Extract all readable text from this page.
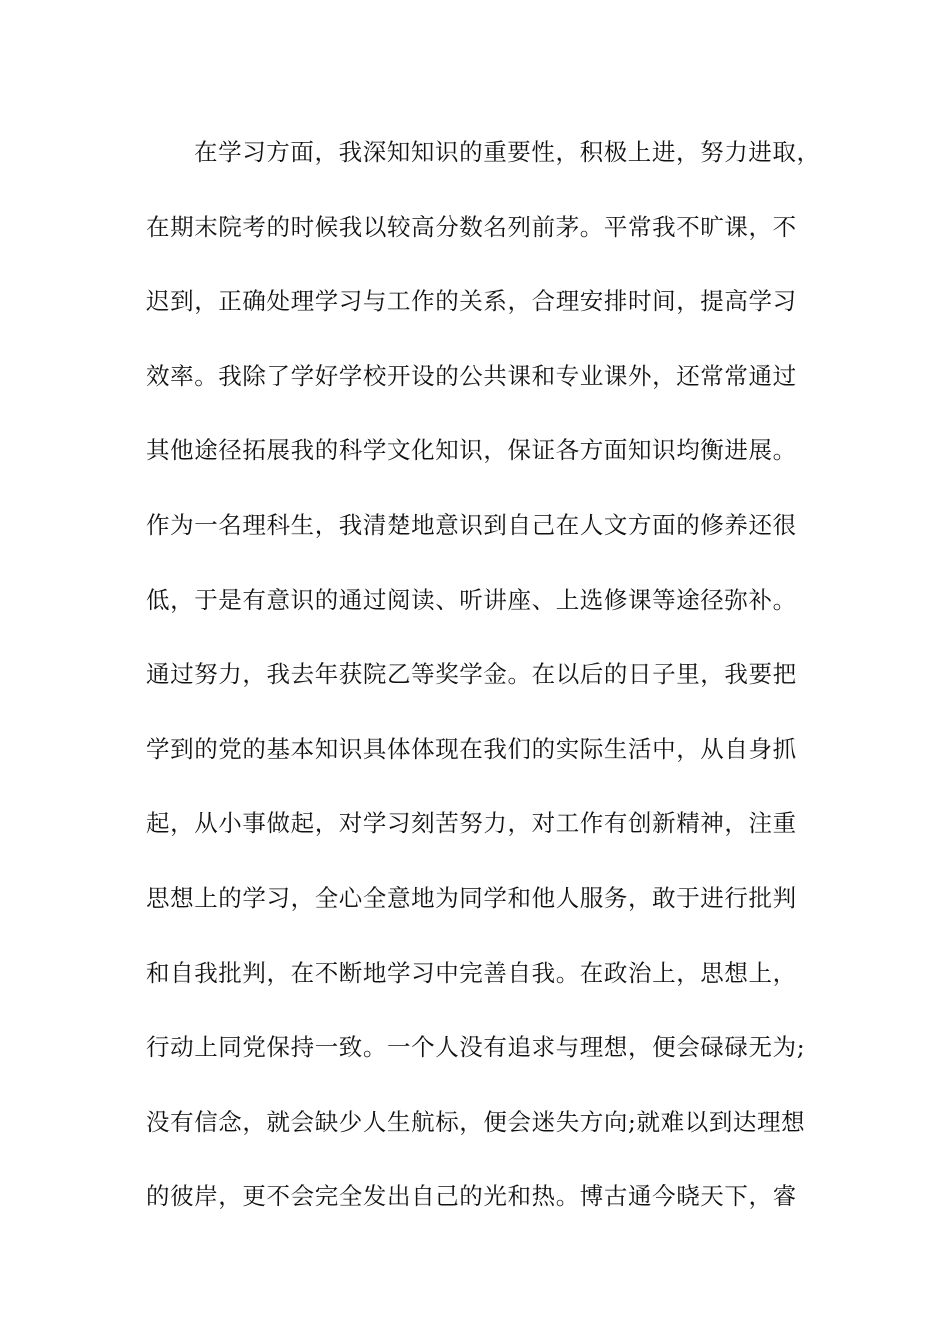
在学习方面，我深知知识的重要性，积极上进，努力进取，
在期末院考的时候我以较高分数名列前茅。平常我不旷课，不
迟到，正确处理学习与工作的关系，合理安排时间，提高学习
效率。我除了学好学校开设的公共课和专业课外，还常常通过
其他途径拓展我的科学文化知识，保证各方面知识均衡进展。
作为一名理科生，我清楚地意识到自己在人文方面的修养还很
低，于是有意识的通过阅读、听讲座、上选修课等途径弥补。
通过努力，我去年获院乙等奖学金。在以后的日子里，我要把
学到的党的基本知识具体体现在我们的实际生活中，从自身抓
起，从小事做起，对学习刻苦努力，对工作有创新精神，注重
思想上的学习，全心全意地为同学和他人服务，敢于进行批判
和自我批判，在不断地学习中完善自我。在政治上，思想上，
行动上同党保持一致。一个人没有追求与理想，便会碌碌无为;
没有信念，就会缺少人生航标，便会迷失方向;就难以到达理想
的彼岸，更不会完全发出自己的光和热。博古通今晓天下，睿
